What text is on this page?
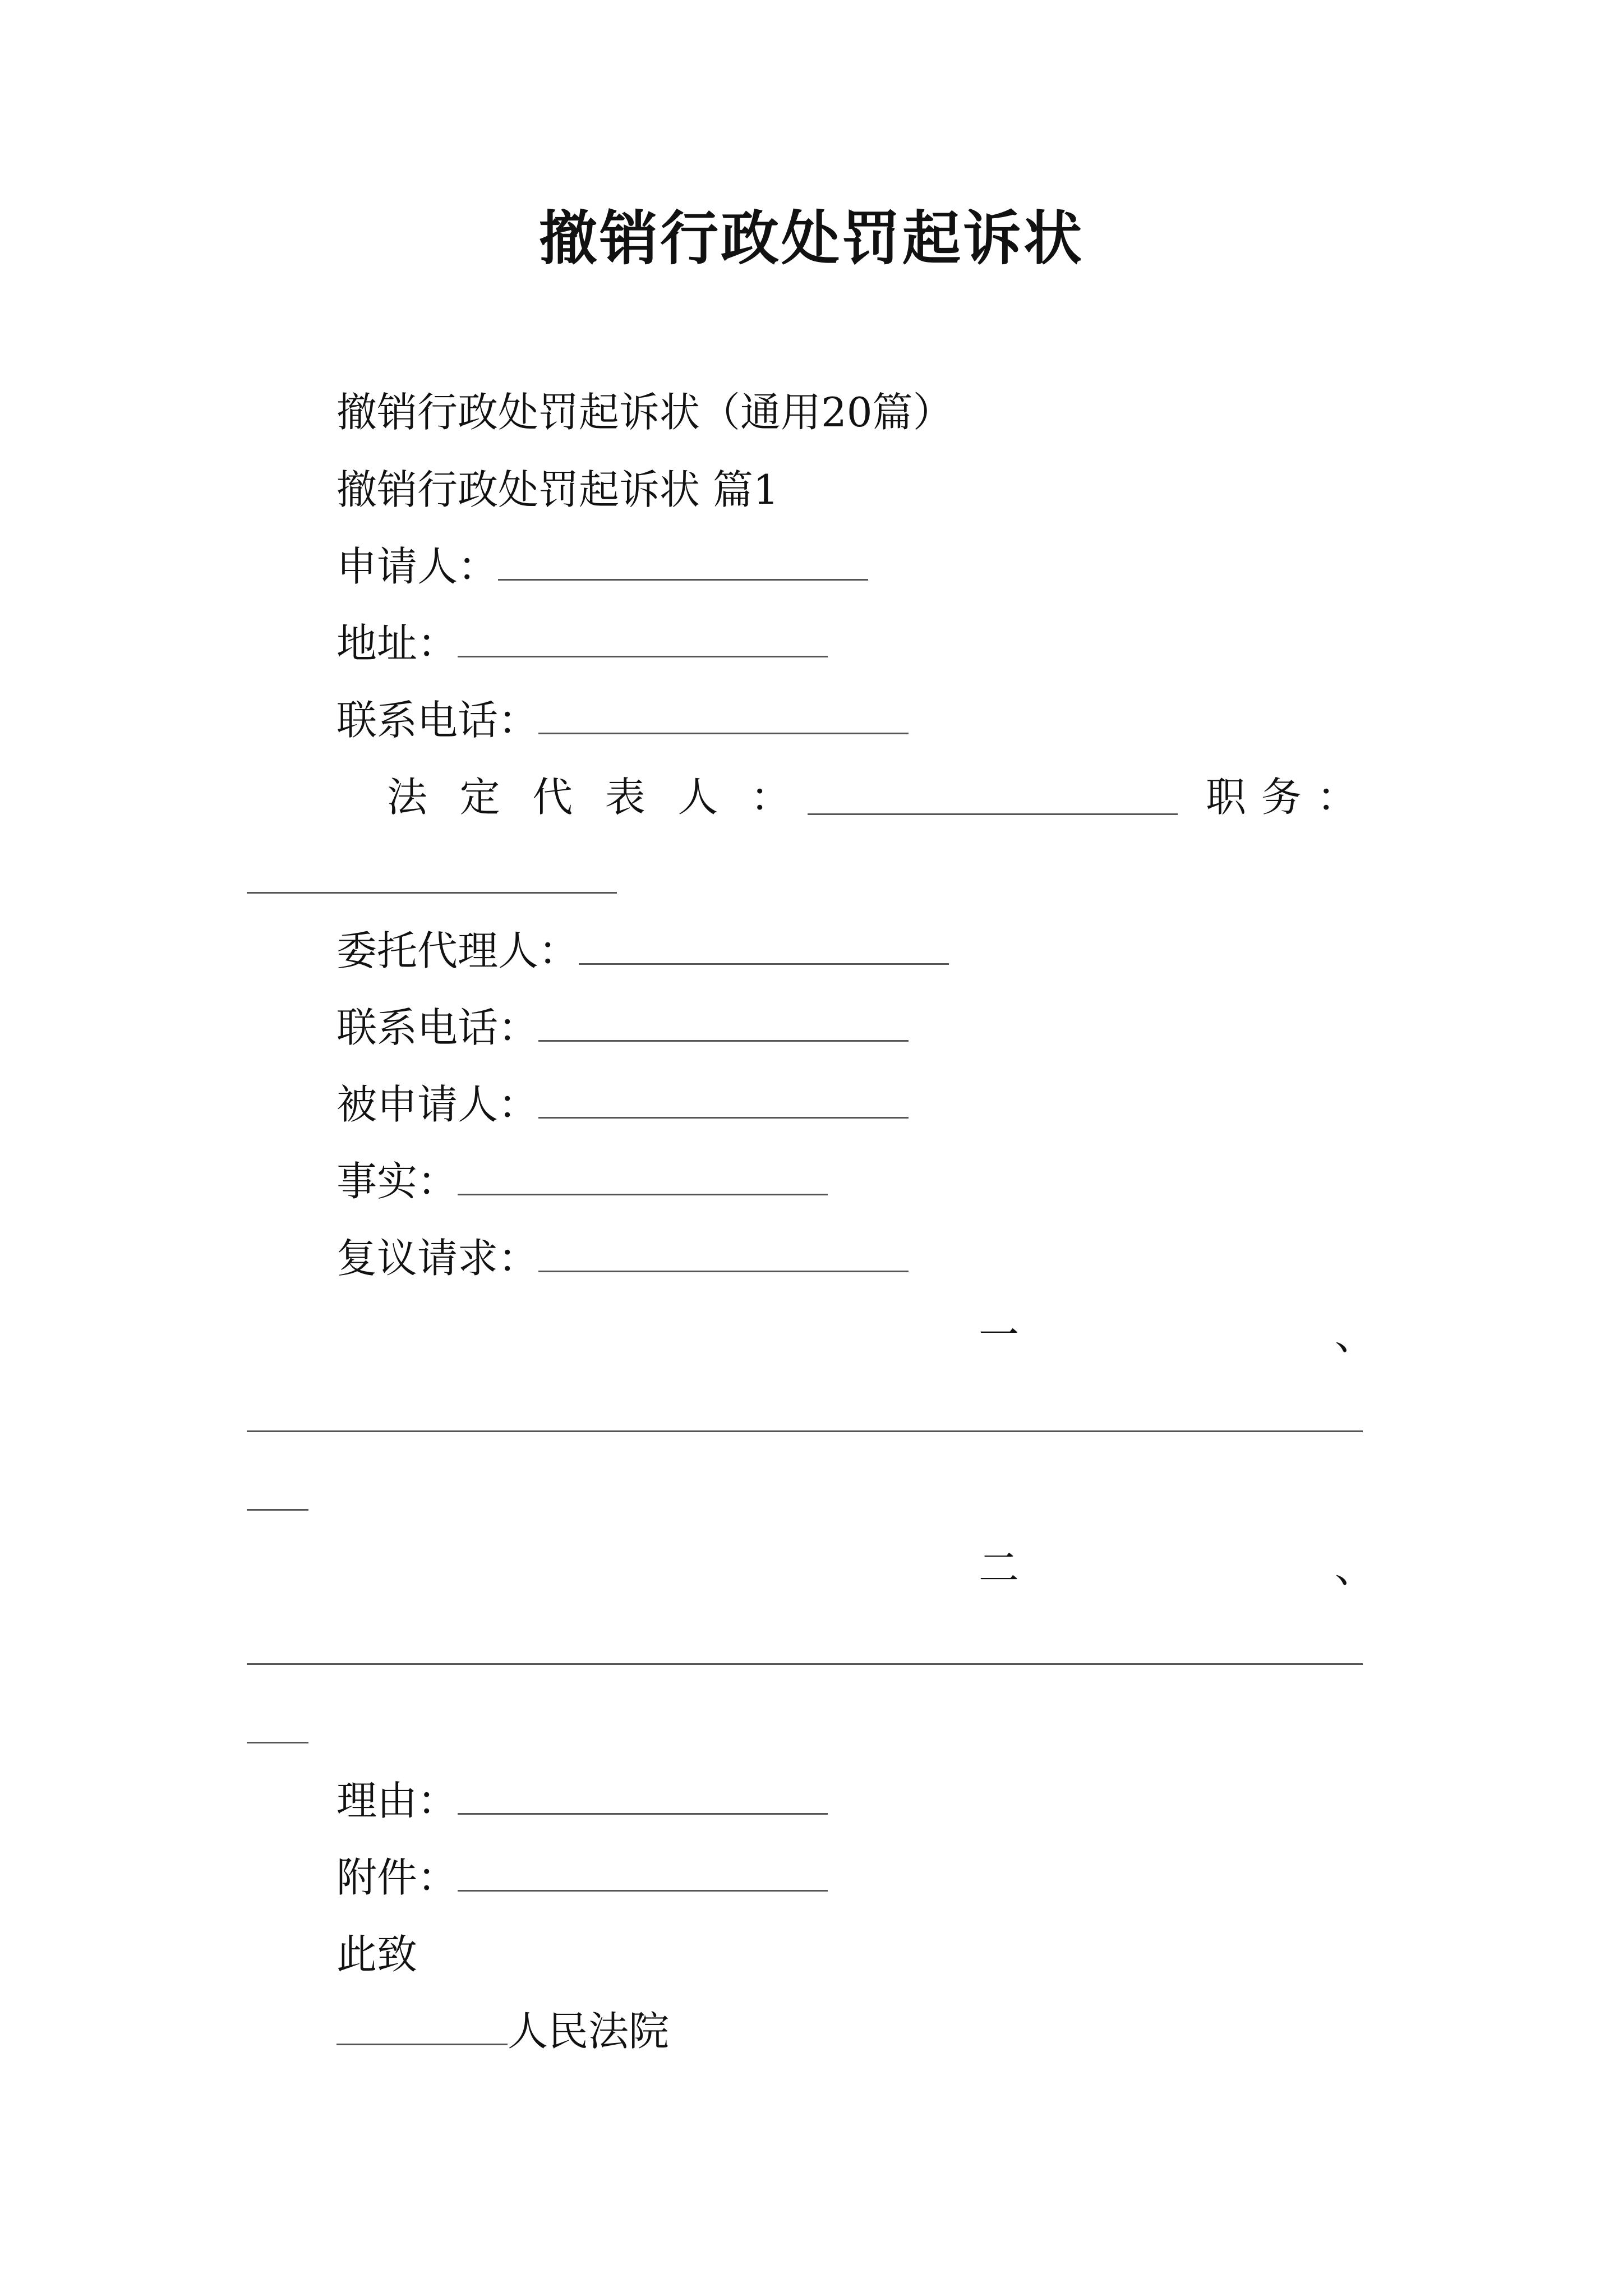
撤销行政处罚起诉状
撤销行政处罚起诉状（通用20篇）
撤销行政处罚起诉状 篇1
申请人：
地址：
联系电话：
法 定 代 表 人 ：	职 务 ：
委托代理人：
联系电话：
被申请人：
事实：
复议请求：
一	、
二	、
理由：
附件：
此致
人民法院
